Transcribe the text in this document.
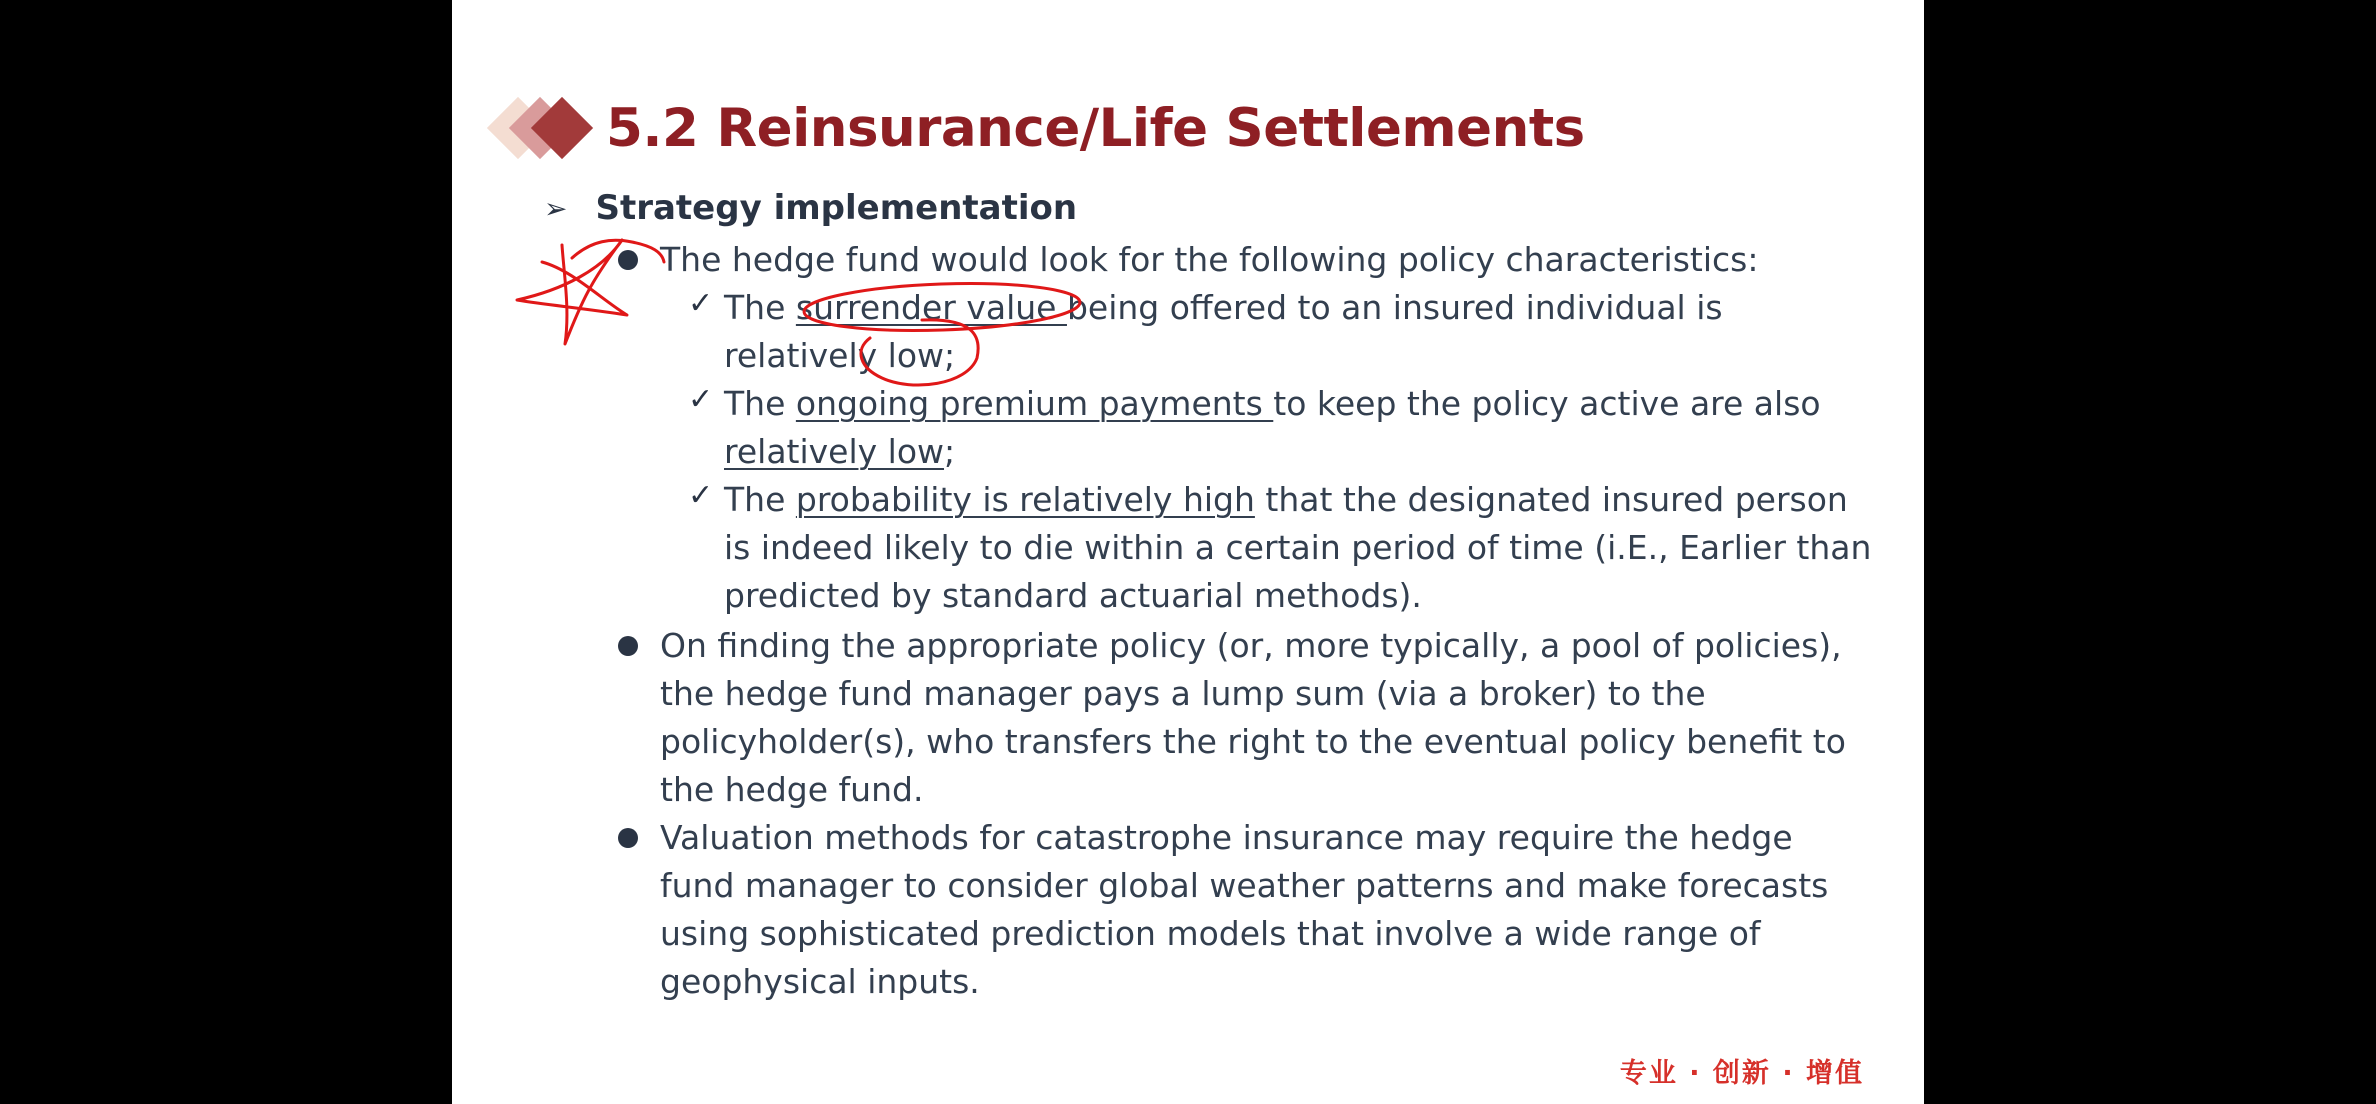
5.2 Reinsurance/Life Settlements
➢ Strategy implementation
The hedge fund would look for the following policy characteristics:
✓ The surrender value being offered to an insured individual is
relatively low;
✓ The ongoing premium payments to keep the policy active are also
relatively low;
✓ The probability is relatively high that the designated insured person
is indeed likely to die within a certain period of time (i.E., Earlier than
predicted by standard actuarial methods).
On finding the appropriate policy (or, more typically, a pool of policies),
the hedge fund manager pays a lump sum (via a broker) to the
policyholder(s), who transfers the right to the eventual policy benefit to
the hedge fund.
Valuation methods for catastrophe insurance may require the hedge
fund manager to consider global weather patterns and make forecasts
using sophisticated prediction models that involve a wide range of
geophysical inputs.
专业 · 创新 · 增值
